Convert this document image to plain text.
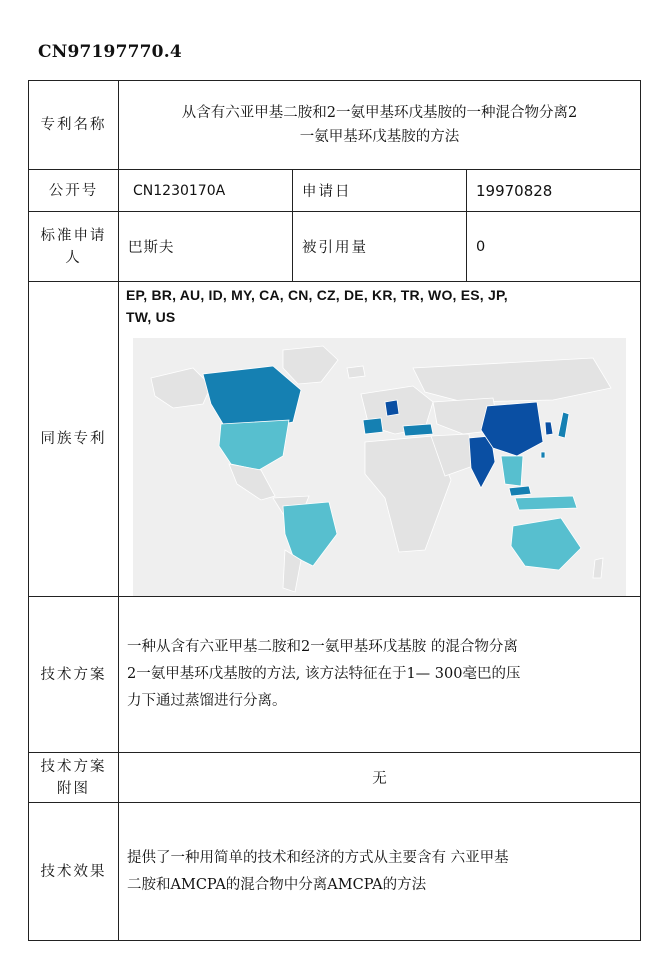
CN97197770.4
专利名称	从含有六亚甲基二胺和2一氨甲基环戊基胺的一种混合物分离2
一氨甲基环戊基胺的方法		

公开号	CN1230170A	申请日	19970828
标准申请
人	巴斯夫	被引用量	0
同族专利	EP, BR, AU, ID, MY, CA, CN, CZ, DE, KR, TR, WO, ES, JP,
TW, US		

技术方案	一种从含有六亚甲基二胺和2一氨甲基环戊基胺 的混合物分离
2一氨甲基环戊基胺的方法, 该方法特征在于1— 300毫巴的压
力下通过蒸馏进行分离。		

技术方案
附图	无		
技术效果	提供了一种用简单的技术和经济的方式从主要含有 六亚甲基
二胺和AMCPA的混合物中分离AMCPA的方法		
